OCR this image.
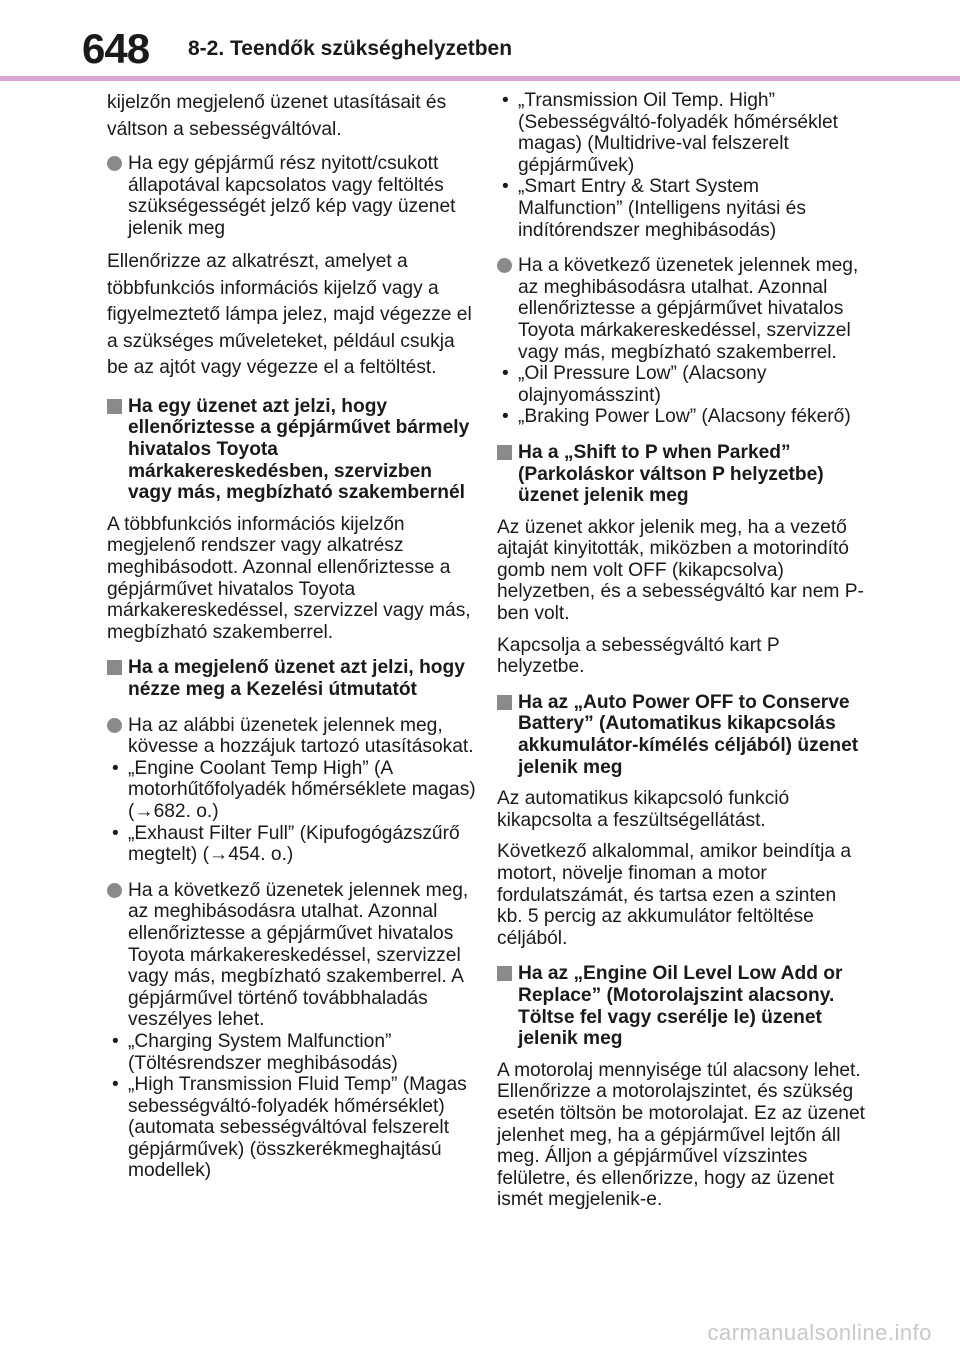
648 8-2. Teendők szükséghelyzetben

kijelzőn megjelenő üzenet utasításait és váltson a sebességváltóval.

Ha egy gépjármű rész nyitott/csukott állapotával kapcsolatos vagy feltöltés szükségességét jelző kép vagy üzenet jelenik meg

Ellenőrizze az alkatrészt, amelyet a többfunkciós információs kijelző vagy a figyelmeztető lámpa jelez, majd végezze el a szükséges műveleteket, például csukja be az ajtót vagy végezze el a feltöltést.

Ha egy üzenet azt jelzi, hogy ellenőriztesse a gépjárművet bármely hivatalos Toyota márkakereskedésben, szervizben vagy más, megbízható szakembernél

A többfunkciós információs kijelzőn megjelenő rendszer vagy alkatrész meghibásodott. Azonnal ellenőriztesse a gépjárművet hivatalos Toyota márkakereskedéssel, szervizzel vagy más, megbízható szakemberrel.

Ha a megjelenő üzenet azt jelzi, hogy nézze meg a Kezelési útmutatót
Ha az alábbi üzenetek jelennek meg, kövesse a hozzájuk tartozó utasításokat.
• „Engine Coolant Temp High” (A motorhűtőfolyadék hőmérséklete magas) (→682. o.)
• „Exhaust Filter Full” (Kipufogógázszűrő megtelt) (→454. o.)
Ha a következő üzenetek jelennek meg, az meghibásodásra utalhat. Azonnal ellenőriztesse a gépjárművet hivatalos Toyota márkakereskedéssel, szervizzel vagy más, megbízható szakemberrel. A gépjárművel történő továbbhaladás veszélyes lehet.
• „Charging System Malfunction” (Töltésrendszer meghibásodás)
• „High Transmission Fluid Temp” (Magas sebességváltó-folyadék hőmérséklet) (automata sebességváltóval felszerelt gépjárművek) (összkerékmeghajtású modellek)
• „Transmission Oil Temp. High” (Sebességváltó-folyadék hőmérséklet magas) (Multidrive-val felszerelt gépjárművek)
• „Smart Entry & Start System Malfunction” (Intelligens nyitási és indítórendszer meghibásodás)
Ha a következő üzenetek jelennek meg, az meghibásodásra utalhat. Azonnal ellenőriztesse a gépjárművet hivatalos Toyota márkakereskedéssel, szervizzel vagy más, megbízható szakemberrel.
• „Oil Pressure Low” (Alacsony olajnyomásszint)
• „Braking Power Low” (Alacsony fékerő)
Ha a „Shift to P when Parked” (Parkoláskor váltson P helyzetbe) üzenet jelenik meg

Az üzenet akkor jelenik meg, ha a vezető ajtaját kinyitották, miközben a motorindító gomb nem volt OFF (kikapcsolva) helyzetben, és a sebességváltó kar nem P-ben volt.

Kapcsolja a sebességváltó kart P helyzetbe.

Ha az „Auto Power OFF to Conserve Battery” (Automatikus kikapcsolás akkumulátor-kímélés céljából) üzenet jelenik meg

Az automatikus kikapcsoló funkció kikapcsolta a feszültségellátást.

Következő alkalommal, amikor beindítja a motort, növelje finoman a motor fordulatszámát, és tartsa ezen a szinten kb. 5 percig az akkumulátor feltöltése céljából.

Ha az „Engine Oil Level Low Add or Replace” (Motorolajszint alacsony. Töltse fel vagy cserélje le) üzenet jelenik meg

A motorolaj mennyisége túl alacsony lehet. Ellenőrizze a motorolajszintet, és szükség esetén töltsön be motorolajat. Ez az üzenet jelenhet meg, ha a gépjárművel lejtőn áll meg. Álljon a gépjárművel vízszintes felületre, és ellenőrizze, hogy az üzenet ismét megjelenik-e.

carmanualsonline.info
